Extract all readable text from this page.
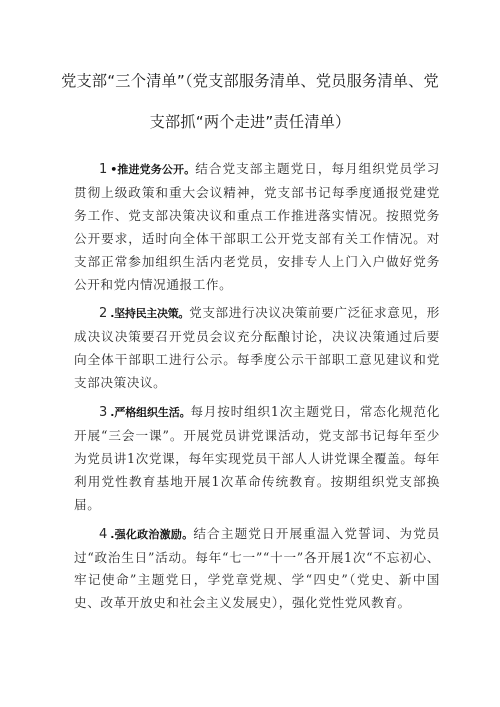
党支部“三个清单”（党支部服务清单、党员服务清单、党
支部抓“两个走进”责任清单）

1 •推进党务公开。结合党支部主题党日，每月组织党员学习贯彻上级政策和重大会议精神，党支部书记每季度通报党建党务工作、党支部决策决议和重点工作推进落实情况。按照党务公开要求，适时向全体干部职工公开党支部有关工作情况。对支部正常参加组织生活内老党员，安排专人上门入户做好党务公开和党内情况通报工作。

2 .坚持民主决策。党支部进行决议决策前要广泛征求意见，形成决议决策要召开党员会议充分酝酿讨论，决议决策通过后要向全体干部职工进行公示。每季度公示干部职工意见建议和党支部决策决议。

3 .严格组织生活。每月按时组织1次主题党日，常态化规范化开展“三会一课”。开展党员讲党课活动，党支部书记每年至少为党员讲1次党课，每年实现党员干部人人讲党课全覆盖。每年利用党性教育基地开展1次革命传统教育。按期组织党支部换届。

4 .强化政治激励。结合主题党日开展重温入党誓词、为党员过“政治生日”活动。每年“七一”“十一”各开展1次“不忘初心、牢记使命”主题党日，学党章党规、学“四史”（党史、新中国史、改革开放史和社会主义发展史），强化党性党风教育。
